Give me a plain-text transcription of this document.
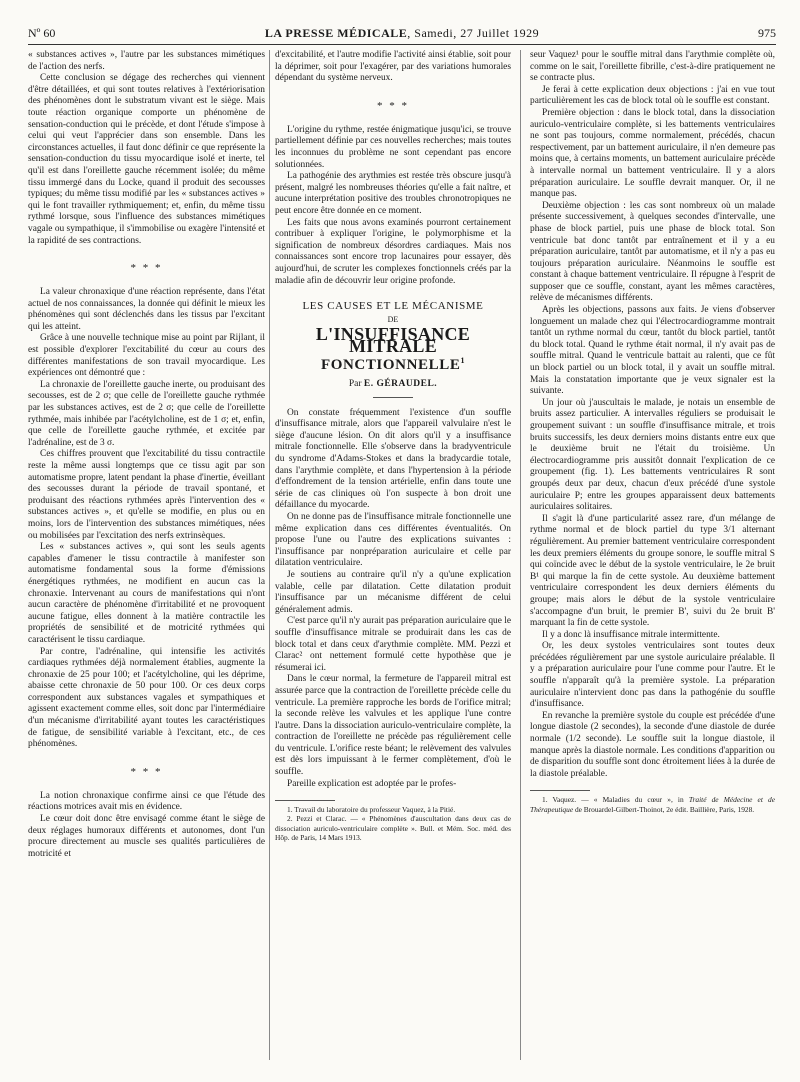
Nº 60	LA PRESSE MÉDICALE, Samedi, 27 Juillet 1929	975

« substances actives », l'autre par les substances mimétiques de l'action des nerfs.

Cette conclusion se dégage des recherches qui viennent d'être détaillées, et qui sont toutes relatives à l'extériorisation des phénomènes dont le substratum vivant est le siège. Mais toute réaction organique comporte un phénomène de sensation-conduction qui le précède, et dont l'étude s'impose à celui qui veut l'apprécier dans son ensemble. Dans les circonstances actuelles, il faut donc définir ce que représente la sensation-conduction du tissu myocardique isolé et inerte, tel qu'il est dans l'oreillette gauche récemment isolée; du même tissu immergé dans du Locke, quand il produit des secousses typiques; du même tissu modifié par les « substances actives » qui le font travailler rythmiquement; et, enfin, du même tissu rythmé lorsque, sous l'influence des substances mimétiques vagale ou sympathique, il s'immobilise ou exagère l'intensité et la rapidité de ses contractions.

* * *

La valeur chronaxique d'une réaction représente, dans l'état actuel de nos connaissances, la donnée qui définit le mieux les phénomènes qui sont déclenchés dans les tissus par l'excitant qui les atteint.

Grâce à une nouvelle technique mise au point par Rijlant, il est possible d'explorer l'excitabilité du cœur au cours des différentes manifestations de son travail myocardique. Les expériences ont démontré que :

La chronaxie de l'oreillette gauche inerte, ou produisant des secousses, est de 2 σ; que celle de l'oreillette gauche rythmée par les substances actives, est de 2 σ; que celle de l'oreillette rythmée, mais inhibée par l'acétylcholine, est de 1 σ; et, enfin, que celle de l'oreillette gauche rythmée, et excitée par l'adrénaline, est de 3 σ.

Ces chiffres prouvent que l'excitabilité du tissu contractile reste la même aussi longtemps que ce tissu agit par son automatisme propre, latent pendant la phase d'inertie, éveillant des secousses durant la période de travail spontané, et produisant des réactions rythmées après l'intervention des « substances actives », et qu'elle se modifie, en plus ou en moins, lors de l'intervention des substances mimétiques, nées ou mobilisées par l'excitation des nerfs extrinsèques.

Les « substances actives », qui sont les seuls agents capables d'amener le tissu contractile à manifester son automatisme fondamental sous la forme d'émissions énergétiques rythmées, ne modifient en aucun cas la chronaxie. Intervenant au cours de manifestations qui n'ont aucun caractère de phénomène d'irritabilité et ne provoquent aucune fatigue, elles donnent à la matière contractile les propriétés de sensibilité et de motricité rythmées qui caractérisent le tissu cardiaque.

Par contre, l'adrénaline, qui intensifie les activités cardiaques rythmées déjà normalement établies, augmente la chronaxie de 25 pour 100; et l'acétylcholine, qui les déprime, abaisse cette chronaxie de 50 pour 100. Or ces deux corps correspondent aux substances vagales et sympathiques et agissent exactement comme elles, soit donc par l'intermédiaire d'un mécanisme d'irritabilité ayant toutes les caractéristiques de fatigue, de sensibilité variable à l'excitant, etc., de ces phénomènes.

* * *

La notion chronaxique confirme ainsi ce que l'étude des réactions motrices avait mis en évidence.

Le cœur doit donc être envisagé comme étant le siège de deux réglages humoraux différents et autonomes, dont l'un procure directement au muscle ses qualités particulières de motricité et

d'excitabilité, et l'autre modifie l'activité ainsi établie, soit pour la déprimer, soit pour l'exagérer, par des variations humorales dépendant du système nerveux.

* * *

L'origine du rythme, restée énigmatique jusqu'ici, se trouve partiellement définie par ces nouvelles recherches; mais toutes les inconnues du problème ne sont cependant pas encore solutionnées.

La pathogénie des arythmies est restée très obscure jusqu'à présent, malgré les nombreuses théories qu'elle a fait naître, et aucune interprétation positive des troubles chronotropiques ne peut encore être donnée en ce moment.

Les faits que nous avons examinés pourront certainement contribuer à expliquer l'origine, le polymorphisme et la signification de nombreux désordres cardiaques. Mais nos connaissances sont encore trop lacunaires pour essayer, dès aujourd'hui, de scruter les complexes fonctionnels créés par la maladie afin de découvrir leur origine profonde.

LES CAUSES ET LE MÉCANISME
DE
L'INSUFFISANCE MITRALE
FONCTIONNELLE$^1$
Par E. GÉRAUDEL.

On constate fréquemment l'existence d'un souffle d'insuffisance mitrale, alors que l'appareil valvulaire n'est le siège d'aucune lésion. On dit alors qu'il y a insuffisance mitrale fonctionnelle. Elle s'observe dans la bradyventricule du syndrome d'Adams-Stokes et dans la bradycardie totale, dans l'arythmie complète, et dans l'hypertension à la période d'effondrement de la tension artérielle, enfin dans toute une série de cas cliniques où l'on suspecte à bon droit une défaillance du myocarde.

On ne donne pas de l'insuffisance mitrale fonctionnelle une même explication dans ces différentes éventualités. On propose l'une ou l'autre des explications suivantes : l'insuffisance par nonpréparation auriculaire et celle par dilatation ventriculaire.

Je soutiens au contraire qu'il n'y a qu'une explication valable, celle par dilatation. Cette dilatation produit l'insuffisance par un mécanisme différent de celui généralement admis.

C'est parce qu'il n'y aurait pas préparation auriculaire que le souffle d'insuffisance mitrale se produirait dans les cas de block total et dans ceux d'arythmie complète. MM. Pezzi et Clarac² ont nettement formulé cette hypothèse que je résumerai ici.

Dans le cœur normal, la fermeture de l'appareil mitral est assurée parce que la contraction de l'oreillette précède celle du ventricule. La première rapproche les bords de l'orifice mitral; la seconde relève les valvules et les applique l'une contre l'autre. Dans la dissociation auriculo-ventriculaire complète, la contraction de l'oreillette ne précède pas régulièrement celle du ventricule. L'orifice reste béant; le relèvement des valvules est dès lors impuissant à le fermer complètement, d'où le souffle.

Pareille explication est adoptée par le profes-

1. Travail du laboratoire du professeur Vaquez, à la Pitié.

2. Pezzi et Clarac. — « Phénomènes d'auscultation dans deux cas de dissociation auriculo-ventriculaire complète ». Bull. et Mém. Soc. méd. des Hôp. de Paris, 14 Mars 1913.

seur Vaquez¹ pour le souffle mitral dans l'arythmie complète où, comme on le sait, l'oreillette fibrille, c'est-à-dire pratiquement ne se contracte plus.

Je ferai à cette explication deux objections : j'ai en vue tout particulièrement les cas de block total où le souffle est constant.

Première objection : dans le block total, dans la dissociation auriculo-ventriculaire complète, si les battements ventriculaires ne sont pas toujours, comme normalement, précédés, chacun respectivement, par un battement auriculaire, il n'en demeure pas moins que, à certains moments, un battement auriculaire précède à intervalle normal un battement ventriculaire. Il y a alors préparation auriculaire. Le souffle devrait manquer. Or, il ne manque pas.

Deuxième objection : les cas sont nombreux où un malade présente successivement, à quelques secondes d'intervalle, une phase de block partiel, puis une phase de block total. Son ventricule bat donc tantôt par entraînement et il y a eu préparation auriculaire, tantôt par automatisme, et il n'y a pas eu toujours préparation auriculaire. Néanmoins le souffle est constant à chaque battement ventriculaire. Il répugne à l'esprit de supposer que ce souffle, constant, ayant les mêmes caractères, relève de mécanismes différents.

Après les objections, passons aux faits. Je viens d'observer longuement un malade chez qui l'électrocardiogramme montrait tantôt un rythme normal du cœur, tantôt du block partiel, tantôt du block total. Quand le rythme était normal, il n'y avait pas de souffle mitral. Quand le ventricule battait au ralenti, que ce fût un block partiel ou un block total, il y avait un souffle mitral. Mais la constatation importante que je veux signaler est la suivante.

Un jour où j'auscultais le malade, je notais un ensemble de bruits assez particulier. A intervalles réguliers se produisait le groupement suivant : un souffle d'insuffisance mitrale, et trois bruits successifs, les deux derniers moins distants entre eux que le deuxième bruit ne l'était du troisième. Un électrocardiogramme pris aussitôt donnait l'explication de ce groupement (fig. 1). Les battements ventriculaires R sont groupés deux par deux, chacun d'eux précédé d'une systole auriculaire P; entre les groupes apparaissent deux battements auriculaires solitaires.

Il s'agit là d'une particularité assez rare, d'un mélange de rythme normal et de block partiel du type 3/1 alternant régulièrement. Au premier battement ventriculaire correspondent les deux premiers éléments du groupe sonore, le souffle mitral S qui coïncide avec le début de la systole ventriculaire, le 2e bruit B¹ qui marque la fin de cette systole. Au deuxième battement ventriculaire correspondent les deux derniers éléments du groupe; mais alors le début de la systole ventriculaire s'accompagne d'un bruit, le premier B', suivi du 2e bruit B' marquant la fin de cette systole.

Il y a donc là insuffisance mitrale intermittente.

Or, les deux systoles ventriculaires sont toutes deux précédées régulièrement par une systole auriculaire préalable. Il y a préparation auriculaire pour l'une comme pour l'autre. Et le souffle n'apparaît qu'à la première systole. La préparation auriculaire n'intervient donc pas dans la pathogénie du souffle d'insuffisance.

En revanche la première systole du couple est précédée d'une longue diastole (2 secondes), la seconde d'une diastole de durée normale (1/2 seconde). Le souffle suit la longue diastole, il manque après la diastole normale. Les conditions d'apparition ou de disparition du souffle sont donc étroitement liées à la durée de la diastole préalable.

1. Vaquez. — « Maladies du cœur », in Traité de Médecine et de Thérapeutique de Brouardel-Gilbert-Thoinot, 2e édit. Baillière, Paris, 1928.
